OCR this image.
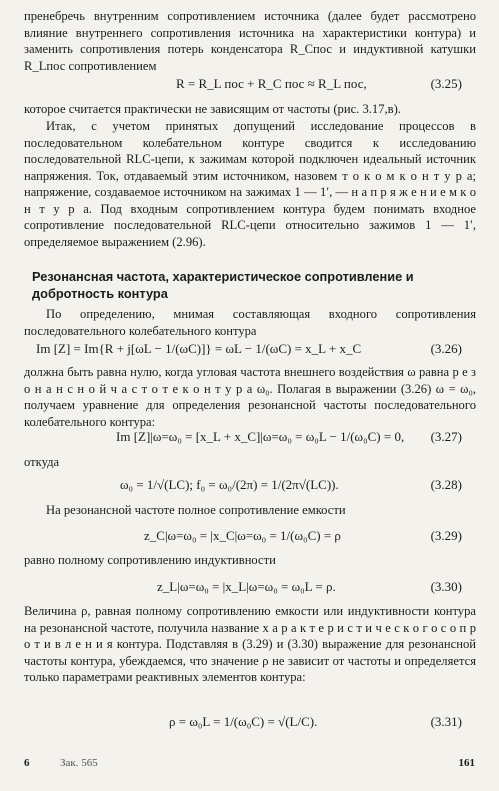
пренебречь внутренним сопротивлением источника (далее будет рассмотрено влияние внутреннего сопротивления источника на характеристики контура) и заменить сопротивления потерь конденсатора R_Cпос и индуктивной катушки R_Lпос сопротивлением
R = R_L пос + R_C пос ≈ R_L пос,	(3.25)
которое считается практически не зависящим от частоты (рис. 3.17,в).
Итак, с учетом принятых допущений исследование процессов в последовательном колебательном контуре сводится к исследованию последовательной RLC-цепи, к зажимам которой подключен идеальный источник напряжения. Ток, отдаваемый этим источником, назовем т о к о м к о н т у р а; напряжение, создаваемое источником на зажимах 1 — 1′, — н а п р я ж е н и е м к о н т у р а. Под входным сопротивлением контура будем понимать входное сопротивление последовательной RLC-цепи относительно зажимов 1 — 1′, определяемое выражением (2.96).
Резонансная частота, характеристическое сопротивление и добротность контура
По определению, мнимая составляющая входного сопротивления последовательного колебательного контура
Im [Z] = Im{R + j[ωL − 1/(ωC)]} = ωL − 1/(ωC) = x_L + x_C	(3.26)
должна быть равна нулю, когда угловая частота внешнего воздействия ω равна р е з о н а н с н о й ч а с т о т е к о н т у р а ω₀. Полагая в выражении (3.26) ω = ω₀, получаем уравнение для определения резонансной частоты последовательного колебательного контура:
Im [Z]|ω=ω₀ = [x_L + x_C]|ω=ω₀ = ω₀L − 1/(ω₀C) = 0, (3.27)
откуда
ω₀ = 1/√(LC); f₀ = ω₀/(2π) = 1/(2π√(LC)).	(3.28)
На резонансной частоте полное сопротивление емкости
z_C|ω=ω₀ = |x_C|ω=ω₀ = 1/(ω₀C) = ρ	(3.29)
равно полному сопротивлению индуктивности
z_L|ω=ω₀ = |x_L|ω=ω₀ = ω₀L = ρ.	(3.30)
Величина ρ, равная полному сопротивлению емкости или индуктивности контура на резонансной частоте, получила название х а р а к т е р и с т и ч е с к о г о с о п р о т и в л е н и я контура. Подставляя в (3.29) и (3.30) выражение для резонансной частоты контура, убеждаемся, что значение ρ не зависит от частоты и определяется только параметрами реактивных элементов контура:
ρ = ω₀L = 1/(ω₀C) = √(L/C).	(3.31)
6	Зак. 565	161
